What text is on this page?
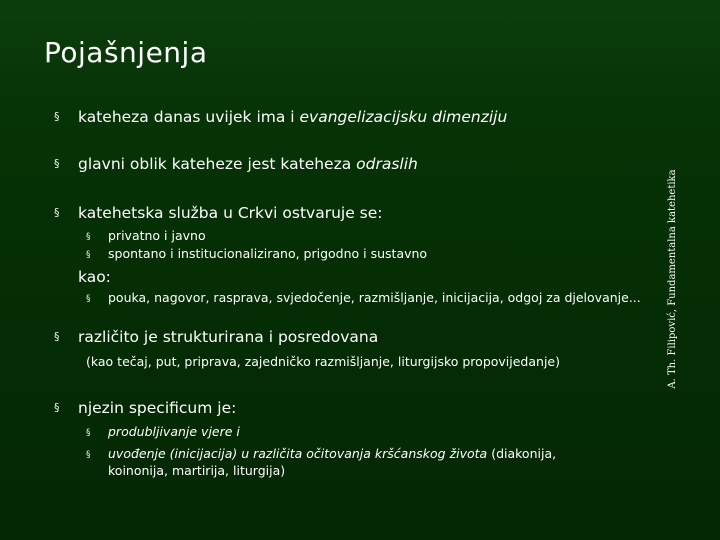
Pojašnjenja
A. Th. Filipović, Fundamentalna katehetika
§ kateheza danas uvijek ima i evangelizacijsku dimenziju
§ glavni oblik kateheze jest kateheza odraslih
§ katehetska služba u Crkvi ostvaruje se:
§ privatno i javno
§ spontano i institucionalizirano, prigodno i sustavno
kao:
§ pouka, nagovor, rasprava, svjedočenje, razmišljanje, inicijacija, odgoj za djelovanje...
§ različito je strukturirana i posredovana
(kao tečaj, put, priprava, zajedničko razmišljanje, liturgijsko propovijedanje)
§ njezin specificum je:
§ produbljivanje vjere i
§ uvođenje (inicijacija) u različita očitovanja kršćanskog života (diakonija,
koinonija, martirija, liturgija)
